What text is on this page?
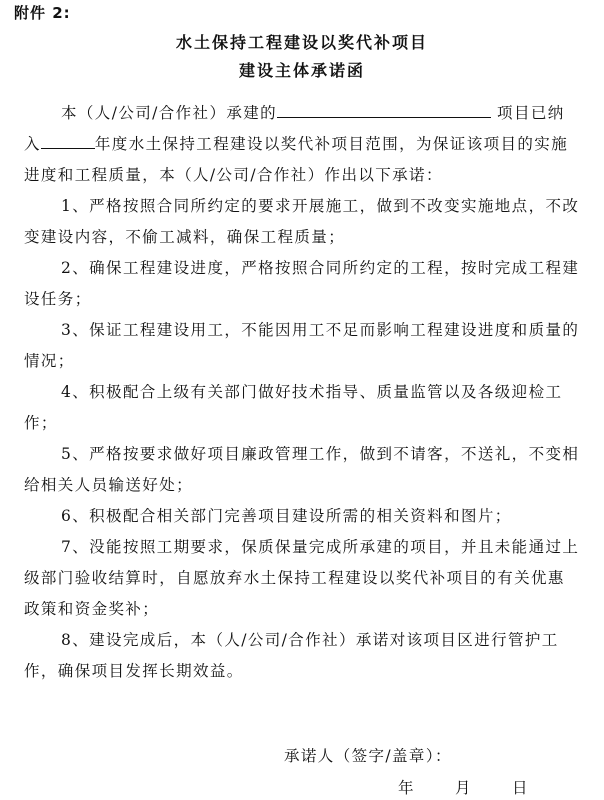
附件 2:
水土保持工程建设以奖代补项目
建设主体承诺函

本（人/公司/合作社）承建的	项目已纳入	年度水土保持工程建设以奖代补项目范围，为保证该项目的实施进度和工程质量，本（人/公司/合作社）作出以下承诺：

1、严格按照合同所约定的要求开展施工，做到不改变实施地点，不改变建设内容，不偷工减料，确保工程质量；

2、确保工程建设进度，严格按照合同所约定的工程，按时完成工程建设任务；

3、保证工程建设用工，不能因用工不足而影响工程建设进度和质量的情况；

4、积极配合上级有关部门做好技术指导、质量监管以及各级迎检工作；

5、严格按要求做好项目廉政管理工作，做到不请客，不送礼，不变相给相关人员输送好处；

6、积极配合相关部门完善项目建设所需的相关资料和图片；

7、没能按照工期要求，保质保量完成所承建的项目，并且未能通过上级部门验收结算时，自愿放弃水土保持工程建设以奖代补项目的有关优惠政策和资金奖补；

8、建设完成后，本（人/公司/合作社）承诺对该项目区进行管护工作，确保项目发挥长期效益。

承诺人（签字/盖章）：
年	月	日
